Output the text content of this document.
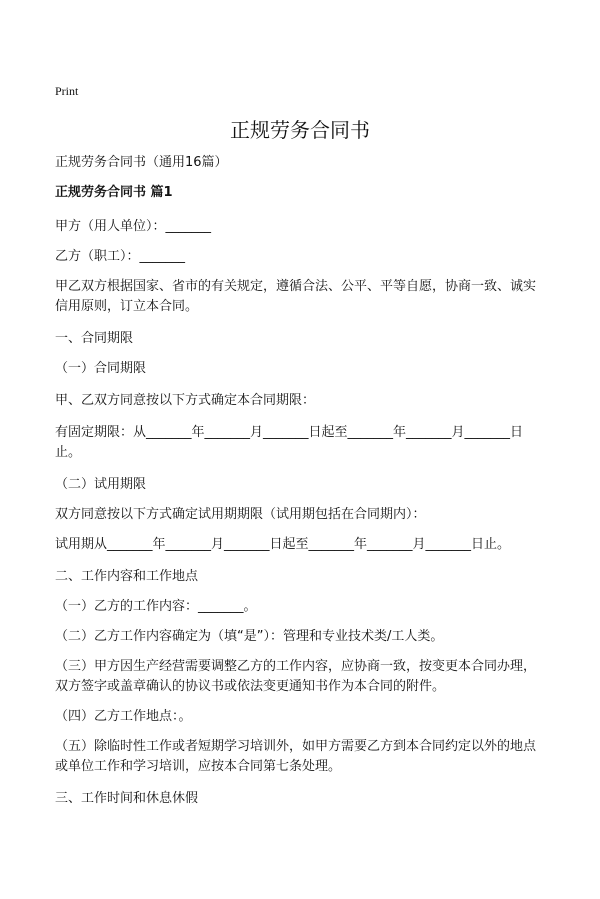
Print
正规劳务合同书
正规劳务合同书（通用16篇）
正规劳务合同书 篇1
甲方（用人单位）：_______
乙方（职工）：_______
甲乙双方根据国家、省市的有关规定，遵循合法、公平、平等自愿，协商一致、诚实信用原则，订立本合同。
一、合同期限
（一）合同期限
甲、乙双方同意按以下方式确定本合同期限：
有固定期限：从_______年_______月_______日起至_______年_______月_______日止。
（二）试用期限
双方同意按以下方式确定试用期期限（试用期包括在合同期内）：
试用期从_______年_______月_______日起至_______年_______月_______日止。
二、工作内容和工作地点
（一）乙方的工作内容：_______。
（二）乙方工作内容确定为（填“是”）：管理和专业技术类/工人类。
（三）甲方因生产经营需要调整乙方的工作内容，应协商一致，按变更本合同办理，双方签字或盖章确认的协议书或依法变更通知书作为本合同的附件。
（四）乙方工作地点：。
（五）除临时性工作或者短期学习培训外，如甲方需要乙方到本合同约定以外的地点或单位工作和学习培训，应按本合同第七条处理。
三、工作时间和休息休假
